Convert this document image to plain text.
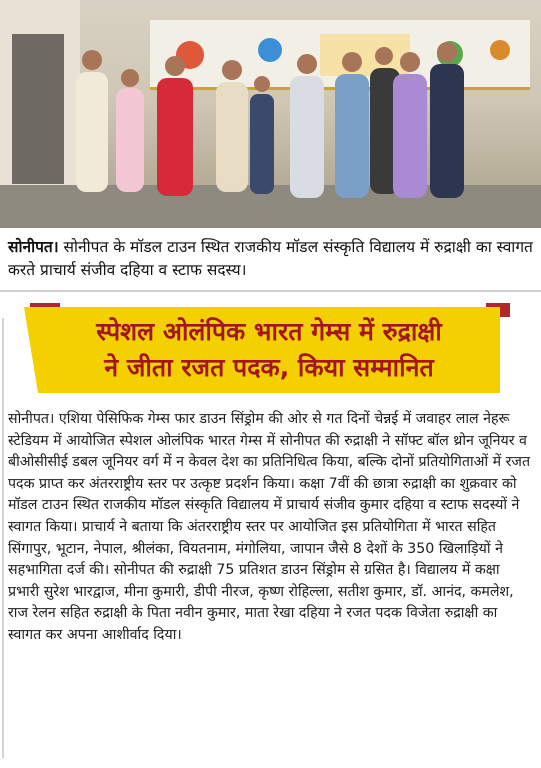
सोनीपत। सोनीपत के मॉडल टाउन स्थित राजकीय मॉडल संस्कृति विद्यालय में रुद्राक्षी का स्वागत करते प्राचार्य संजीव दहिया व स्टाफ सदस्य।

स्पेशल ओलंपिक भारत गेम्स में रुद्राक्षी
ने जीता रजत पदक, किया सम्मानित

सोनीपत। एशिया पेसिफिक गेम्स फार डाउन सिंड्रोम की ओर से गत दिनों चेन्नई में जवाहर लाल नेहरू स्टेडियम में आयोजित स्पेशल ओलंपिक भारत गेम्स में सोनीपत की रुद्राक्षी ने सॉफ्ट बॉल थ्रोन जूनियर व बीओसीसीई डबल जूनियर वर्ग में न केवल देश का प्रतिनिधित्व किया, बल्कि दोनों प्रतियोगिताओं में रजत पदक प्राप्त कर अंतरराष्ट्रीय स्तर पर उत्कृष्ट प्रदर्शन किया। कक्षा 7वीं की छात्रा रुद्राक्षी का शुक्रवार को मॉडल टाउन स्थित राजकीय मॉडल संस्कृति विद्यालय में प्राचार्य संजीव कुमार दहिया व स्टाफ सदस्यों ने स्वागत किया। प्राचार्य ने बताया कि अंतरराष्ट्रीय स्तर पर आयोजित इस प्रतियोगिता में भारत सहित सिंगापुर, भूटान, नेपाल, श्रीलंका, वियतनाम, मंगोलिया, जापान जैसे 8 देशों के 350 खिलाड़ियों ने सहभागिता दर्ज की। सोनीपत की रुद्राक्षी 75 प्रतिशत डाउन सिंड्रोम से ग्रसित है। विद्यालय में कक्षा प्रभारी सुरेश भारद्वाज, मीना कुमारी, डीपी नीरज, कृष्ण रोहिल्ला, सतीश कुमार, डॉ. आनंद, कमलेश, राज रेलन सहित रुद्राक्षी के पिता नवीन कुमार, माता रेखा दहिया ने रजत पदक विजेता रुद्राक्षी का स्वागत कर अपना आशीर्वाद दिया।
